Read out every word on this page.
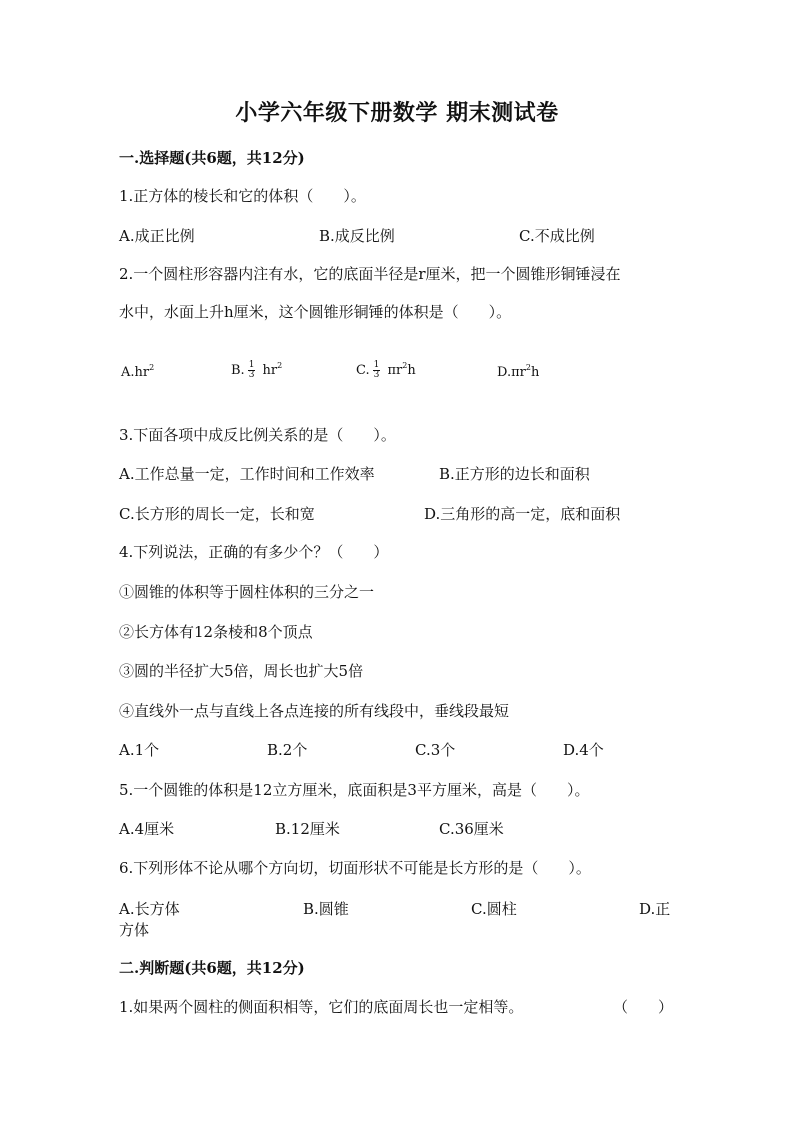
小学六年级下册数学 期末测试卷
一.选择题(共6题，共12分)
1.正方体的棱长和它的体积（　　）。
A.成正比例	B.成反比例	C.不成比例
2.一个圆柱形容器内注有水，它的底面半径是r厘米，把一个圆锥形铜锤浸在
水中，水面上升h厘米，这个圆锥形铜锤的体积是（　　）。
$A.hr^2$	B. $\frac{1}{3} hr^2$	C. $\frac{1}{3} \pi r^2h$	$D.\pi r^2h$
3.下面各项中成反比例关系的是（　　）。
A.工作总量一定，工作时间和工作效率	B.正方形的边长和面积
C.长方形的周长一定，长和宽	D.三角形的高一定，底和面积
4.下列说法，正确的有多少个？（　　）
①圆锥的体积等于圆柱体积的三分之一
②长方体有12条棱和8个顶点
③圆的半径扩大5倍，周长也扩大5倍
④直线外一点与直线上各点连接的所有线段中，垂线段最短
A.1个	B.2个	C.3个	D.4个
5.一个圆锥的体积是12立方厘米，底面积是3平方厘米，高是（　　）。
A.4厘米	B.12厘米	C.36厘米
6.下列形体不论从哪个方向切，切面形状不可能是长方形的是（　　）。
A.长方体	B.圆锥	C.圆柱	D.正
方体
二.判断题(共6题，共12分)
1.如果两个圆柱的侧面积相等，它们的底面周长也一定相等。	（　　）
